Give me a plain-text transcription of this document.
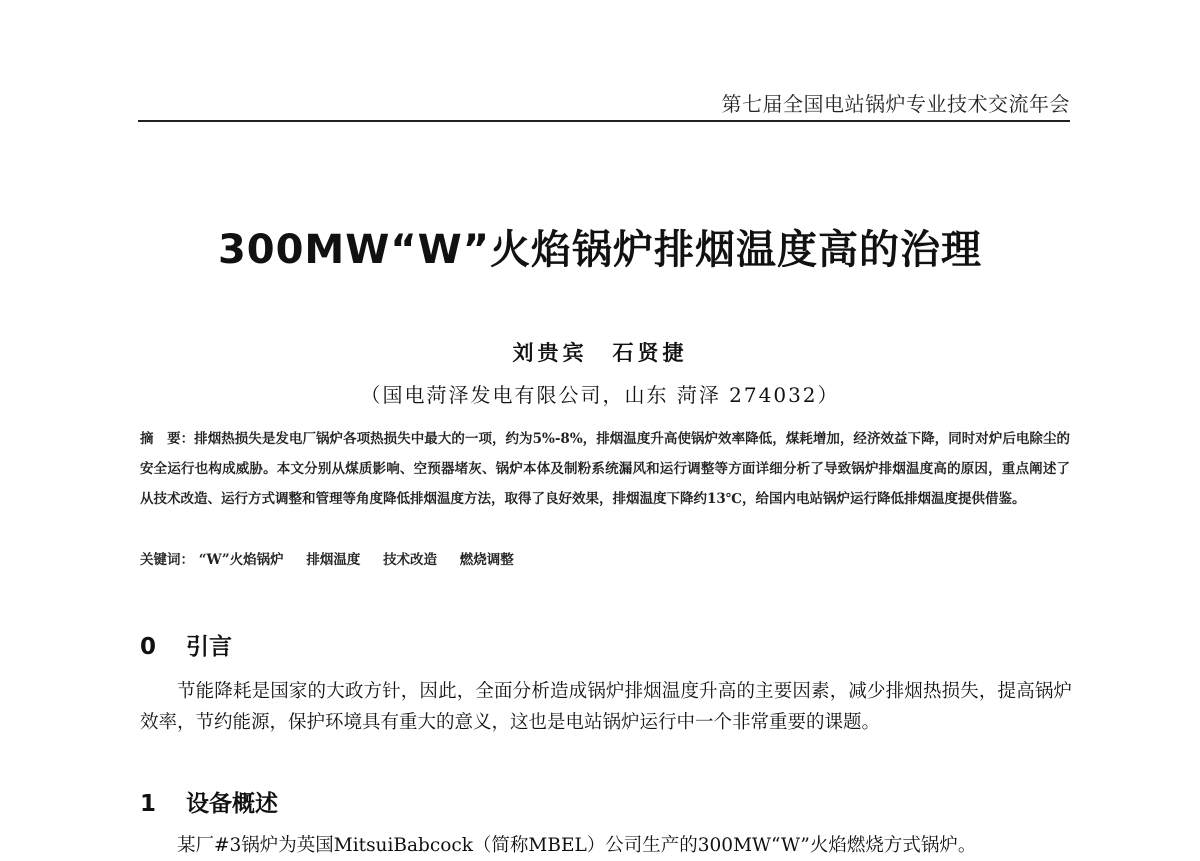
第七届全国电站锅炉专业技术交流年会
300MW“W”火焰锅炉排烟温度高的治理
刘贵宾　石贤捷
（国电菏泽发电有限公司，山东 菏泽 274032）
摘　要：排烟热损失是发电厂锅炉各项热损失中最大的一项，约为5%-8%，排烟温度升高使锅炉效率降低，煤耗增加，经济效益下降，同时对炉后电除尘的安全运行也构成威胁。本文分别从煤质影响、空预器堵灰、锅炉本体及制粉系统漏风和运行调整等方面详细分析了导致锅炉排烟温度高的原因，重点阐述了从技术改造、运行方式调整和管理等角度降低排烟温度方法，取得了良好效果，排烟温度下降约13℃，给国内电站锅炉运行降低排烟温度提供借鉴。
关键词： “W”火焰锅炉 排烟温度 技术改造 燃烧调整
0 引言
节能降耗是国家的大政方针，因此，全面分析造成锅炉排烟温度升高的主要因素，减少排烟热损失，提高锅炉效率，节约能源，保护环境具有重大的意义，这也是电站锅炉运行中一个非常重要的课题。
1 设备概述
某厂#3锅炉为英国MitsuiBabcock（简称MBEL）公司生产的300MW“W”火焰燃烧方式锅炉。
